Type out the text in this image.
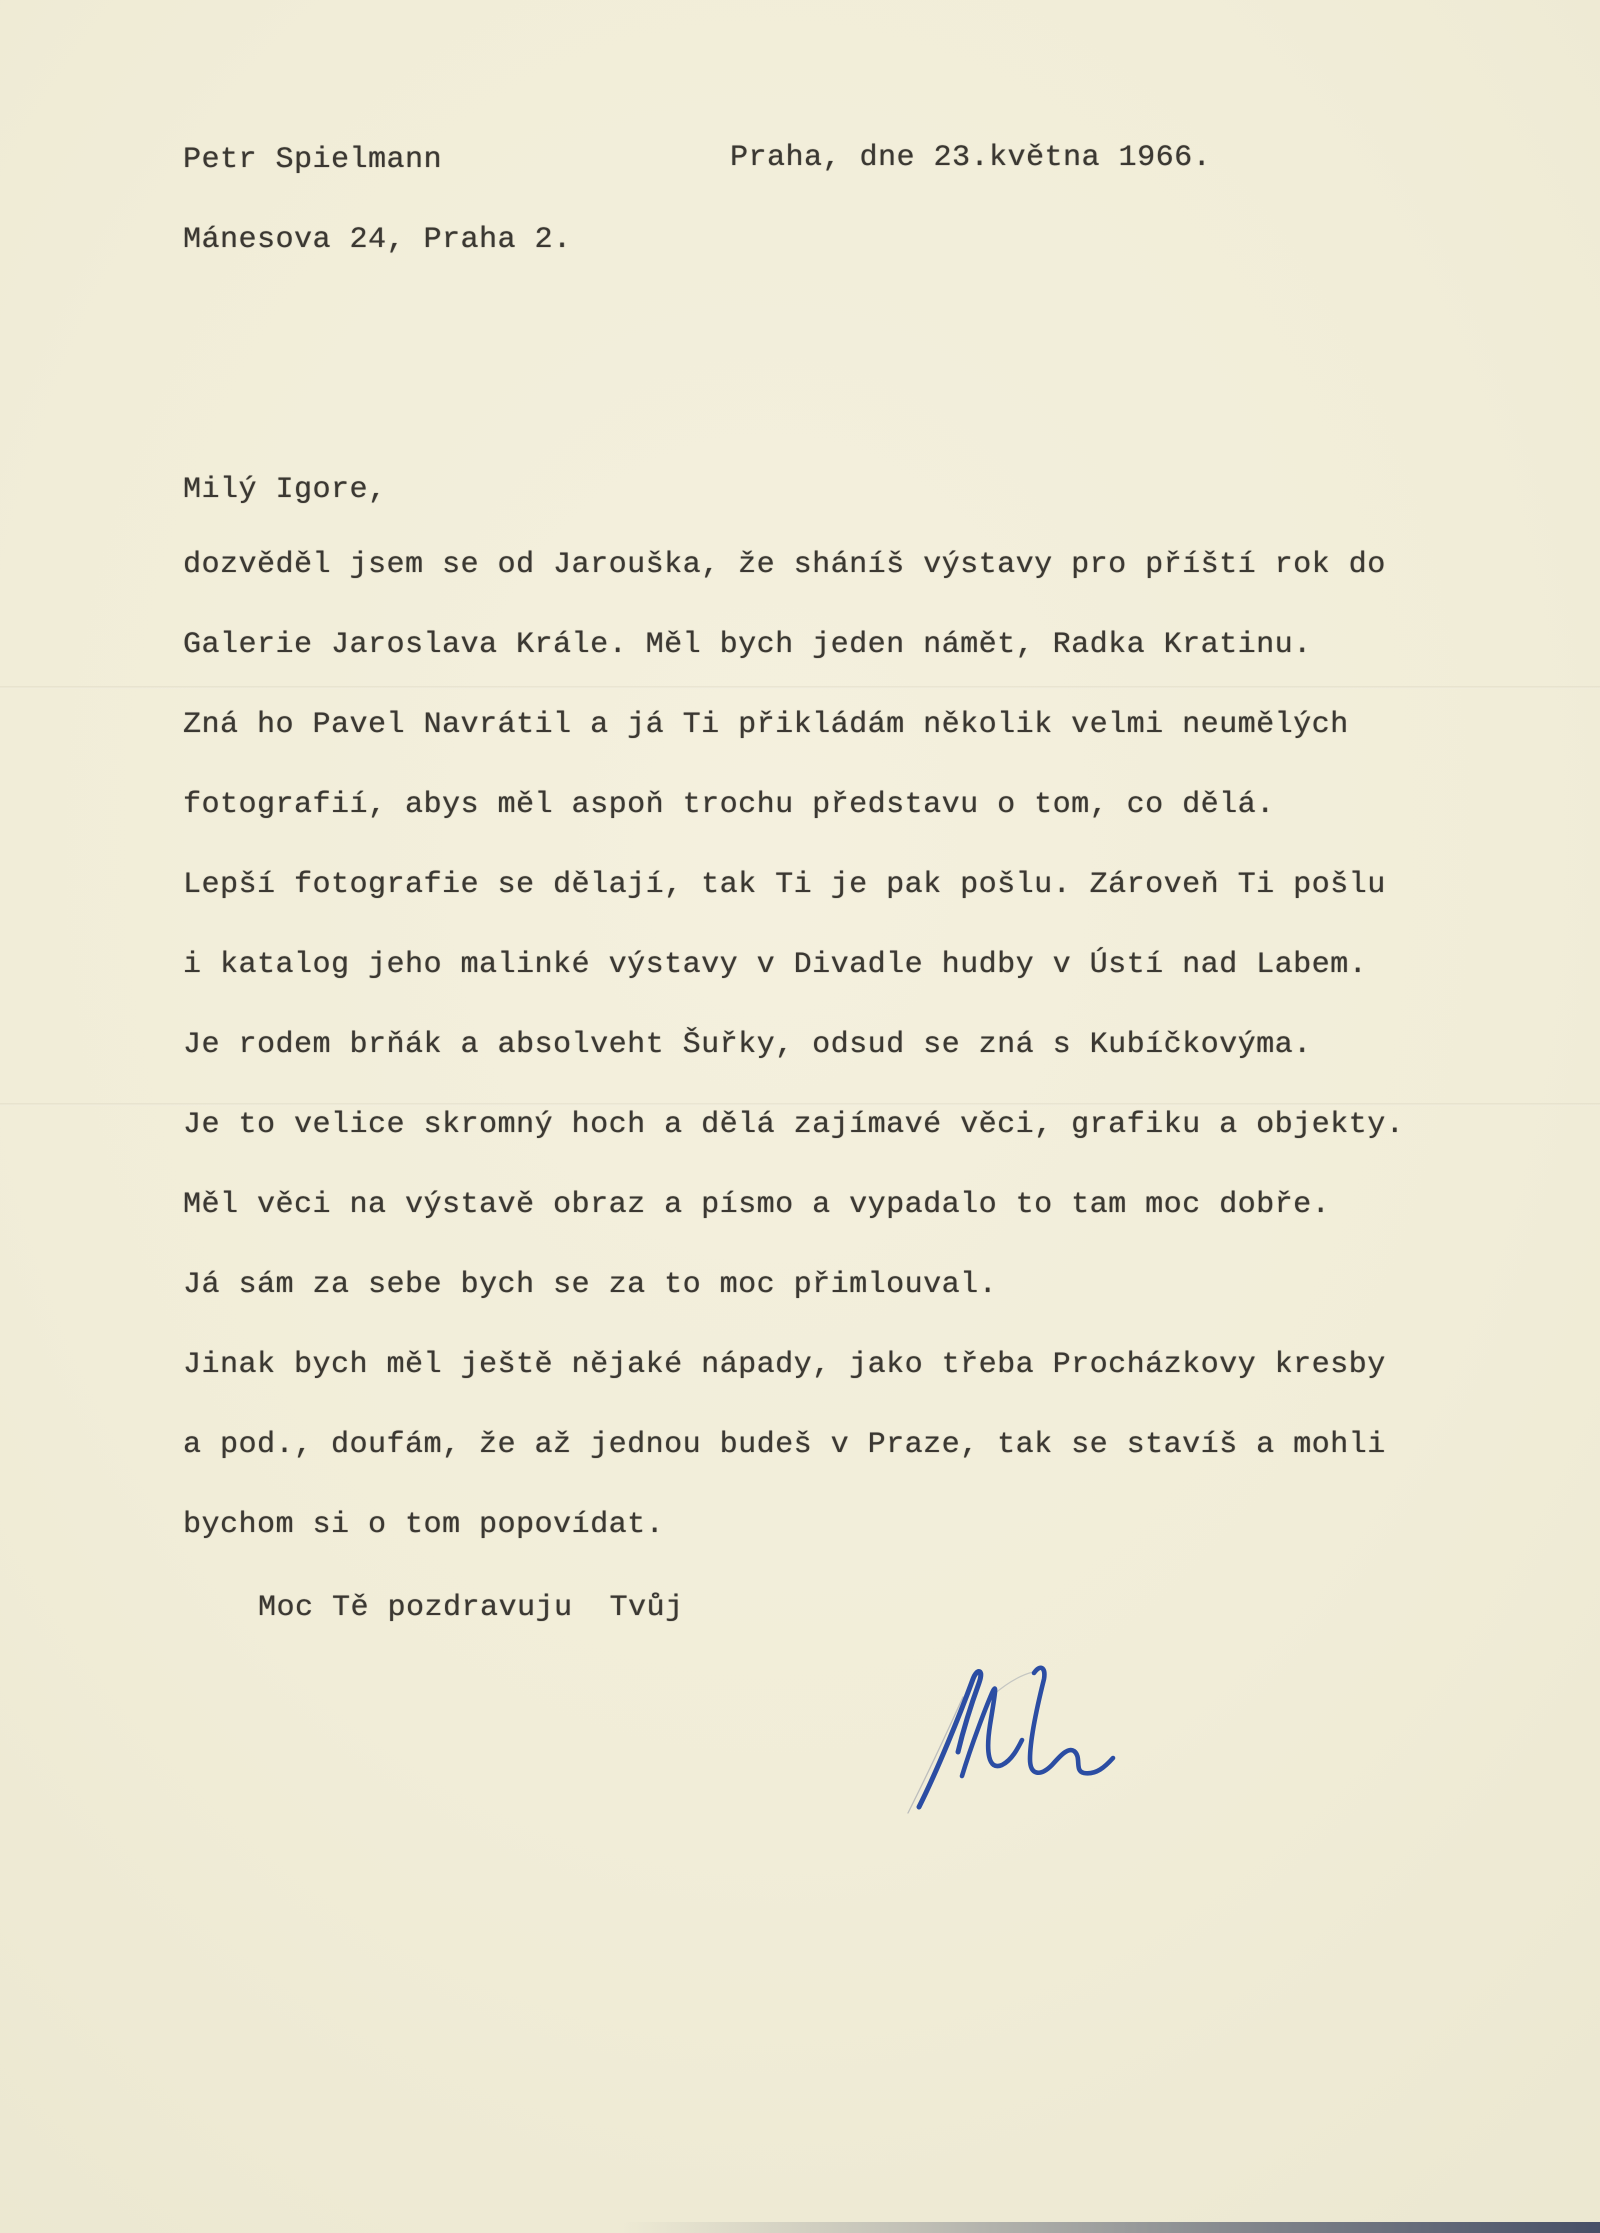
Petr Spielmann	Praha, dne 23.května 1966.
Mánesova 24, Praha 2.
Milý Igore,
dozvěděl jsem se od Jarouška, že sháníš výstavy pro příští rok do
Galerie Jaroslava Krále. Měl bych jeden námět, Radka Kratinu.
Zná ho Pavel Navrátil a já Ti přikládám několik velmi neumělých
fotografií, abys měl aspoň trochu představu o tom, co dělá.
Lepší fotografie se dělají, tak Ti je pak pošlu. Zároveň Ti pošlu
i katalog jeho malinké výstavy v Divadle hudby v Ústí nad Labem.
Je rodem brňák a absolveht Šuřky, odsud se zná s Kubíčkovýma.
Je to velice skromný hoch a dělá zajímavé věci, grafiku a objekty.
Měl věci na výstavě obraz a písmo a vypadalo to tam moc dobře.
Já sám za sebe bych se za to moc přimlouval.
Jinak bych měl ještě nějaké nápady, jako třeba Procházkovy kresby
a pod., doufám, že až jednou budeš v Praze, tak se stavíš a mohli
bychom si o tom popovídat.
Moc Tě pozdravuju  Tvůj
